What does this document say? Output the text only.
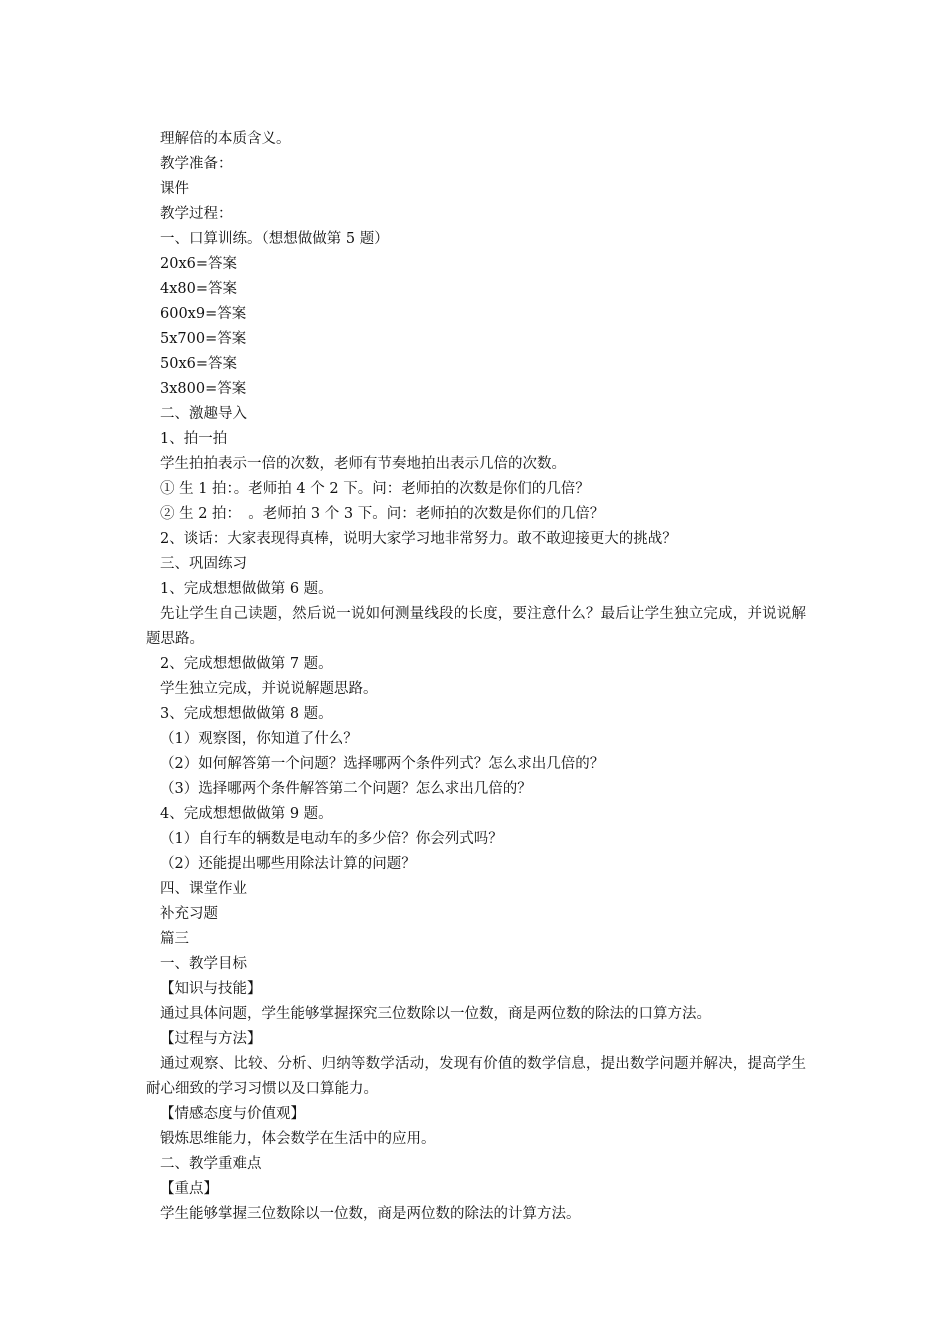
理解倍的本质含义。

教学准备：

课件

教学过程：

一、口算训练。（想想做做第 5 题）

20x6=答案

4x80=答案

600x9=答案

5x700=答案

50x6=答案

3x800=答案

二、激趣导入

1、拍一拍

学生拍拍表示一倍的次数，老师有节奏地拍出表示几倍的次数。

① 生 1 拍：。老师拍 4 个 2 下。问：老师拍的次数是你们的几倍？

② 生 2 拍：　。老师拍 3 个 3 下。问：老师拍的次数是你们的几倍？

2、谈话：大家表现得真棒，说明大家学习地非常努力。敢不敢迎接更大的挑战？

三、巩固练习

1、完成想想做做第 6 题。

先让学生自己读题，然后说一说如何测量线段的长度，要注意什么？最后让学生独立完成，并说说解题思路。

2、完成想想做做第 7 题。

学生独立完成，并说说解题思路。

3、完成想想做做第 8 题。

（1）观察图，你知道了什么？

（2）如何解答第一个问题？选择哪两个条件列式？怎么求出几倍的？

（3）选择哪两个条件解答第二个问题？怎么求出几倍的？

4、完成想想做做第 9 题。

（1）自行车的辆数是电动车的多少倍？你会列式吗？

（2）还能提出哪些用除法计算的问题？

四、课堂作业

补充习题

篇三

一、教学目标

【知识与技能】

通过具体问题，学生能够掌握探究三位数除以一位数，商是两位数的除法的口算方法。

【过程与方法】

通过观察、比较、分析、归纳等数学活动，发现有价值的数学信息，提出数学问题并解决，提高学生耐心细致的学习习惯以及口算能力。

【情感态度与价值观】

锻炼思维能力，体会数学在生活中的应用。

二、教学重难点

【重点】

学生能够掌握三位数除以一位数，商是两位数的除法的计算方法。
